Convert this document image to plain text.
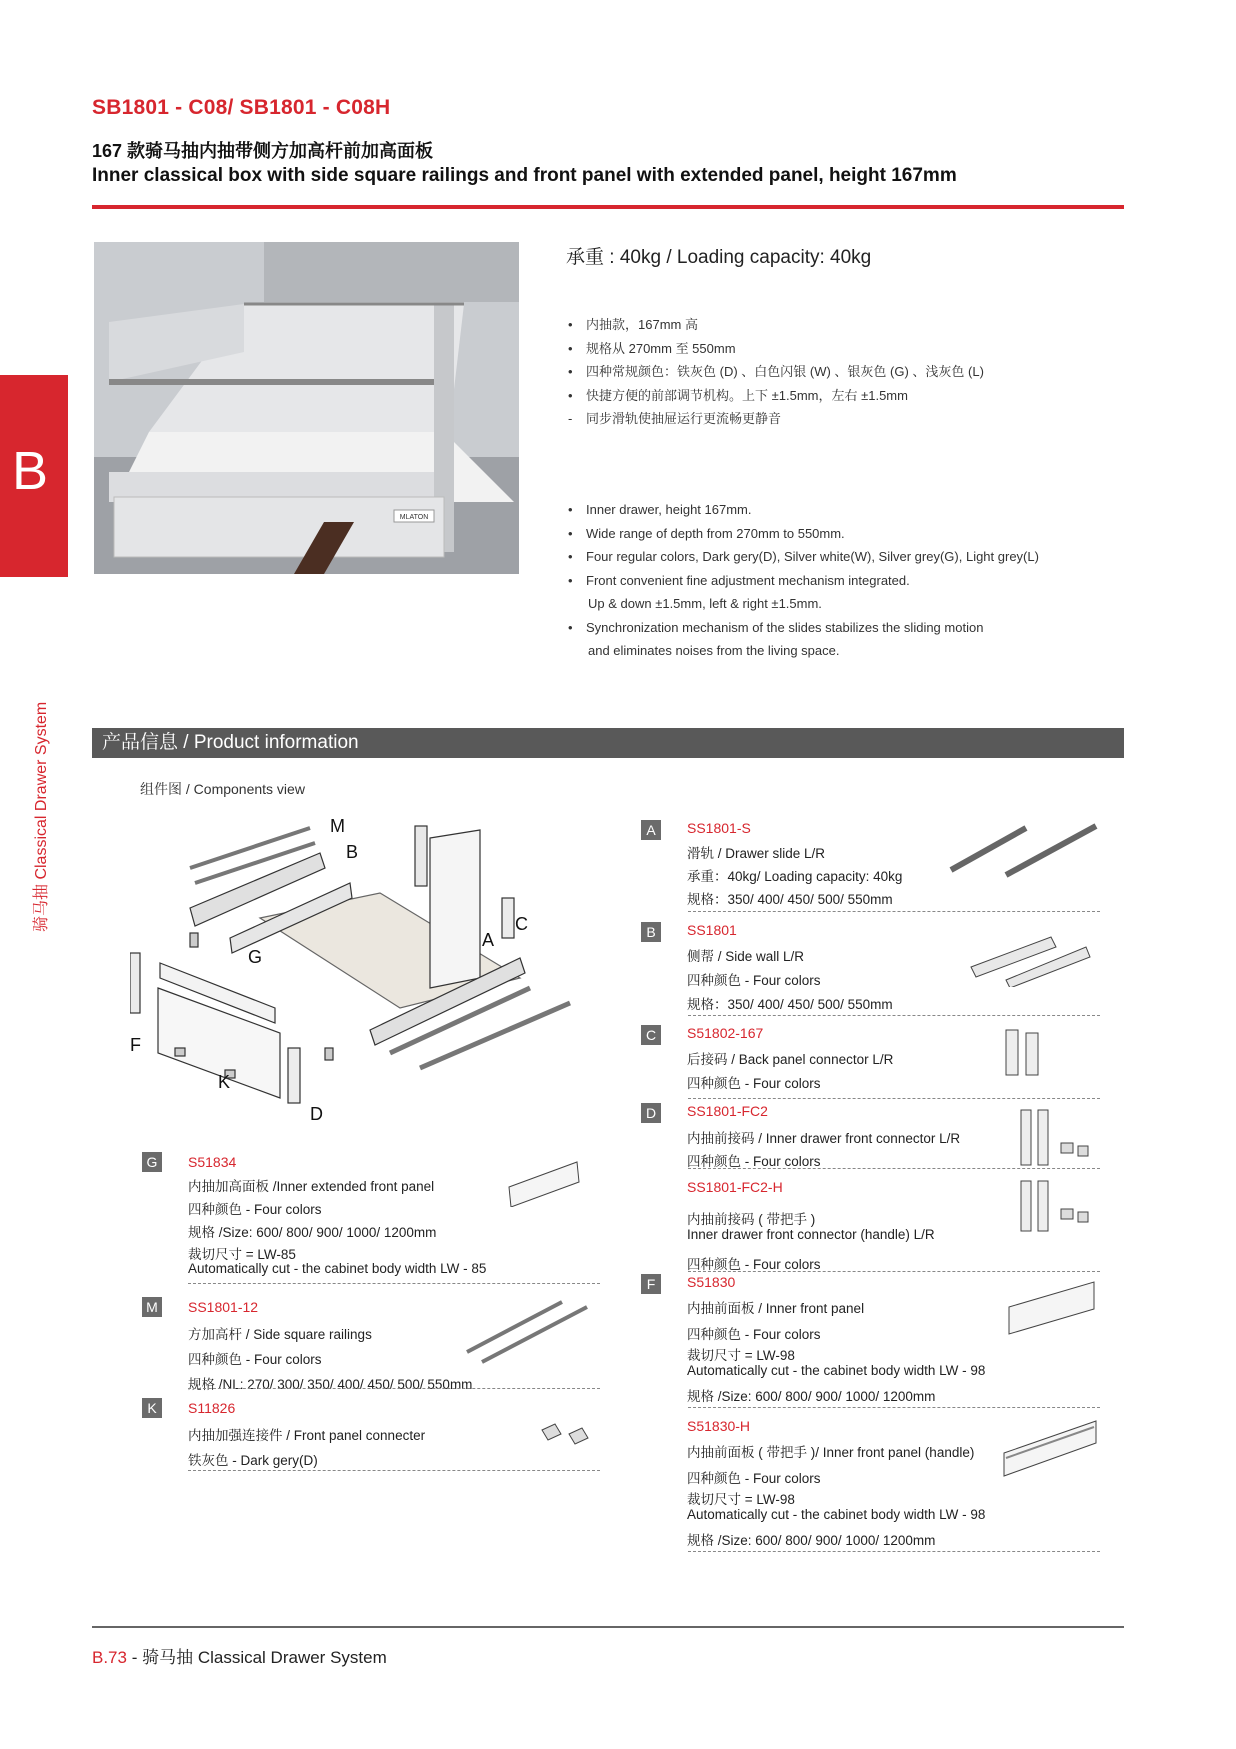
SB1801 - C08/ SB1801 - C08H
167 款骑马抽内抽带侧方加高杆前加高面板
Inner classical box with side square railings and front panel with extended panel, height 167mm
B
骑马抽 Classical Drawer System
MLATON
承重 : 40kg / Loading capacity: 40kg
• 内抽款，167mm 高
• 规格从 270mm 至 550mm
• 四种常规颜色：铁灰色 (D) 、白色闪银 (W) 、银灰色 (G) 、浅灰色 (L)
• 快捷方便的前部调节机构。上下 ±1.5mm，左右 ±1.5mm
- 同步滑轨使抽屉运行更流畅更静音
• Inner drawer, height 167mm.
• Wide range of depth from 270mm to 550mm.
• Four regular colors, Dark gery(D), Silver white(W), Silver grey(G), Light grey(L)
• Front convenient fine adjustment mechanism integrated.
Up & down ±1.5mm, left & right ±1.5mm.
• Synchronization mechanism of the slides stabilizes the sliding motion
and eliminates noises from the living space.
产品信息 / Product information
组件图 / Components view
M
B
C
A
G
F
K
D
G	S51834
内抽加高面板 /Inner extended front panel
四种颜色 - Four colors
规格 /Size: 600/ 800/ 900/ 1000/ 1200mm
裁切尺寸 = LW-85
Automatically cut - the cabinet body width LW - 85
M SS1801-12
方加高杆 / Side square railings
四种颜色 - Four colors
规格 /NL: 270/ 300/ 350/ 400/ 450/ 500/ 550mm
K	S11826
内抽加强连接件 / Front panel connecter
铁灰色 - Dark gery(D)
A	SS1801-S
滑轨 / Drawer slide L/R
承重：40kg/ Loading capacity: 40kg
规格：350/ 400/ 450/ 500/ 550mm
B	SS1801
侧帮 / Side wall L/R
四种颜色 - Four colors
规格：350/ 400/ 450/ 500/ 550mm
C	S51802-167
后接码 / Back panel connector L/R
四种颜色 - Four colors
D	SS1801-FC2
内抽前接码 / Inner drawer front connector L/R
四种颜色 - Four colors
SS1801-FC2-H
内抽前接码 ( 带把手 )
Inner drawer front connector (handle) L/R
四种颜色 - Four colors
F	S51830
内抽前面板 / Inner front panel
四种颜色 - Four colors
裁切尺寸 = LW-98
Automatically cut - the cabinet body width LW - 98
规格 /Size: 600/ 800/ 900/ 1000/ 1200mm
S51830-H
内抽前面板 ( 带把手 )/ Inner front panel (handle)
四种颜色 - Four colors
裁切尺寸 = LW-98
Automatically cut - the cabinet body width LW - 98
规格 /Size: 600/ 800/ 900/ 1000/ 1200mm
B.73 - 骑马抽 Classical Drawer System
